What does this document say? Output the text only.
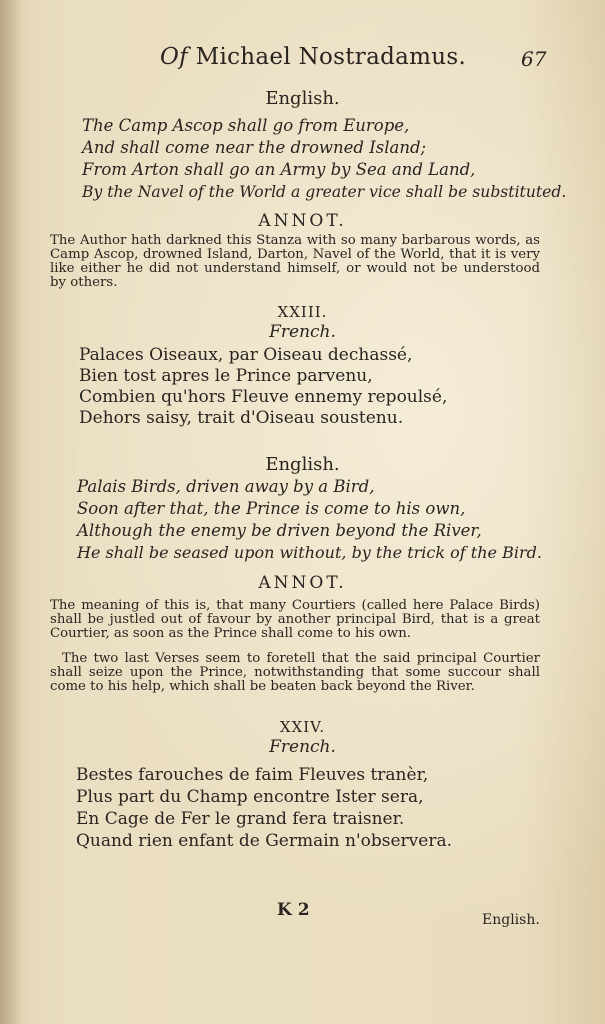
Of Michael Nostradamus.	67
English.
The Camp Ascop shall go from Europe,
And shall come near the drowned Island;
From Arton shall go an Army by Sea and Land,
By the Navel of the World a greater vice shall be substituted.
ANNOT.
The Author hath darkned this Stanza with so many barbarous words, as Camp Ascop, drowned Island, Darton, Navel of the World, that it is very like either he did not understand himself, or would not be understood by others.
XXIII.
French.
Palaces Oiseaux, par Oiseau dechassé,
Bien tost apres le Prince parvenu,
Combien qu'hors Fleuve ennemy repoulsé,
Dehors saisy, trait d'Oiseau soustenu.
English.
Palais Birds, driven away by a Bird,
Soon after that, the Prince is come to his own,
Although the enemy be driven beyond the River,
He shall be seased upon without, by the trick of the Bird.
ANNOT.
The meaning of this is, that many Courtiers (called here Palace Birds) shall be justled out of favour by another principal Bird, that is a great Courtier, as soon as the Prince shall come to his own.
The two last Verses seem to foretell that the said principal Courtier shall seize upon the Prince, notwithstanding that some succour shall come to his help, which shall be beaten back beyond the River.
XXIV.
French.
Bestes farouches de faim Fleuves tranèr,
Plus part du Champ encontre Ister sera,
En Cage de Fer le grand fera traisner.
Quand rien enfant de Germain n'observera.
K 2	English.
